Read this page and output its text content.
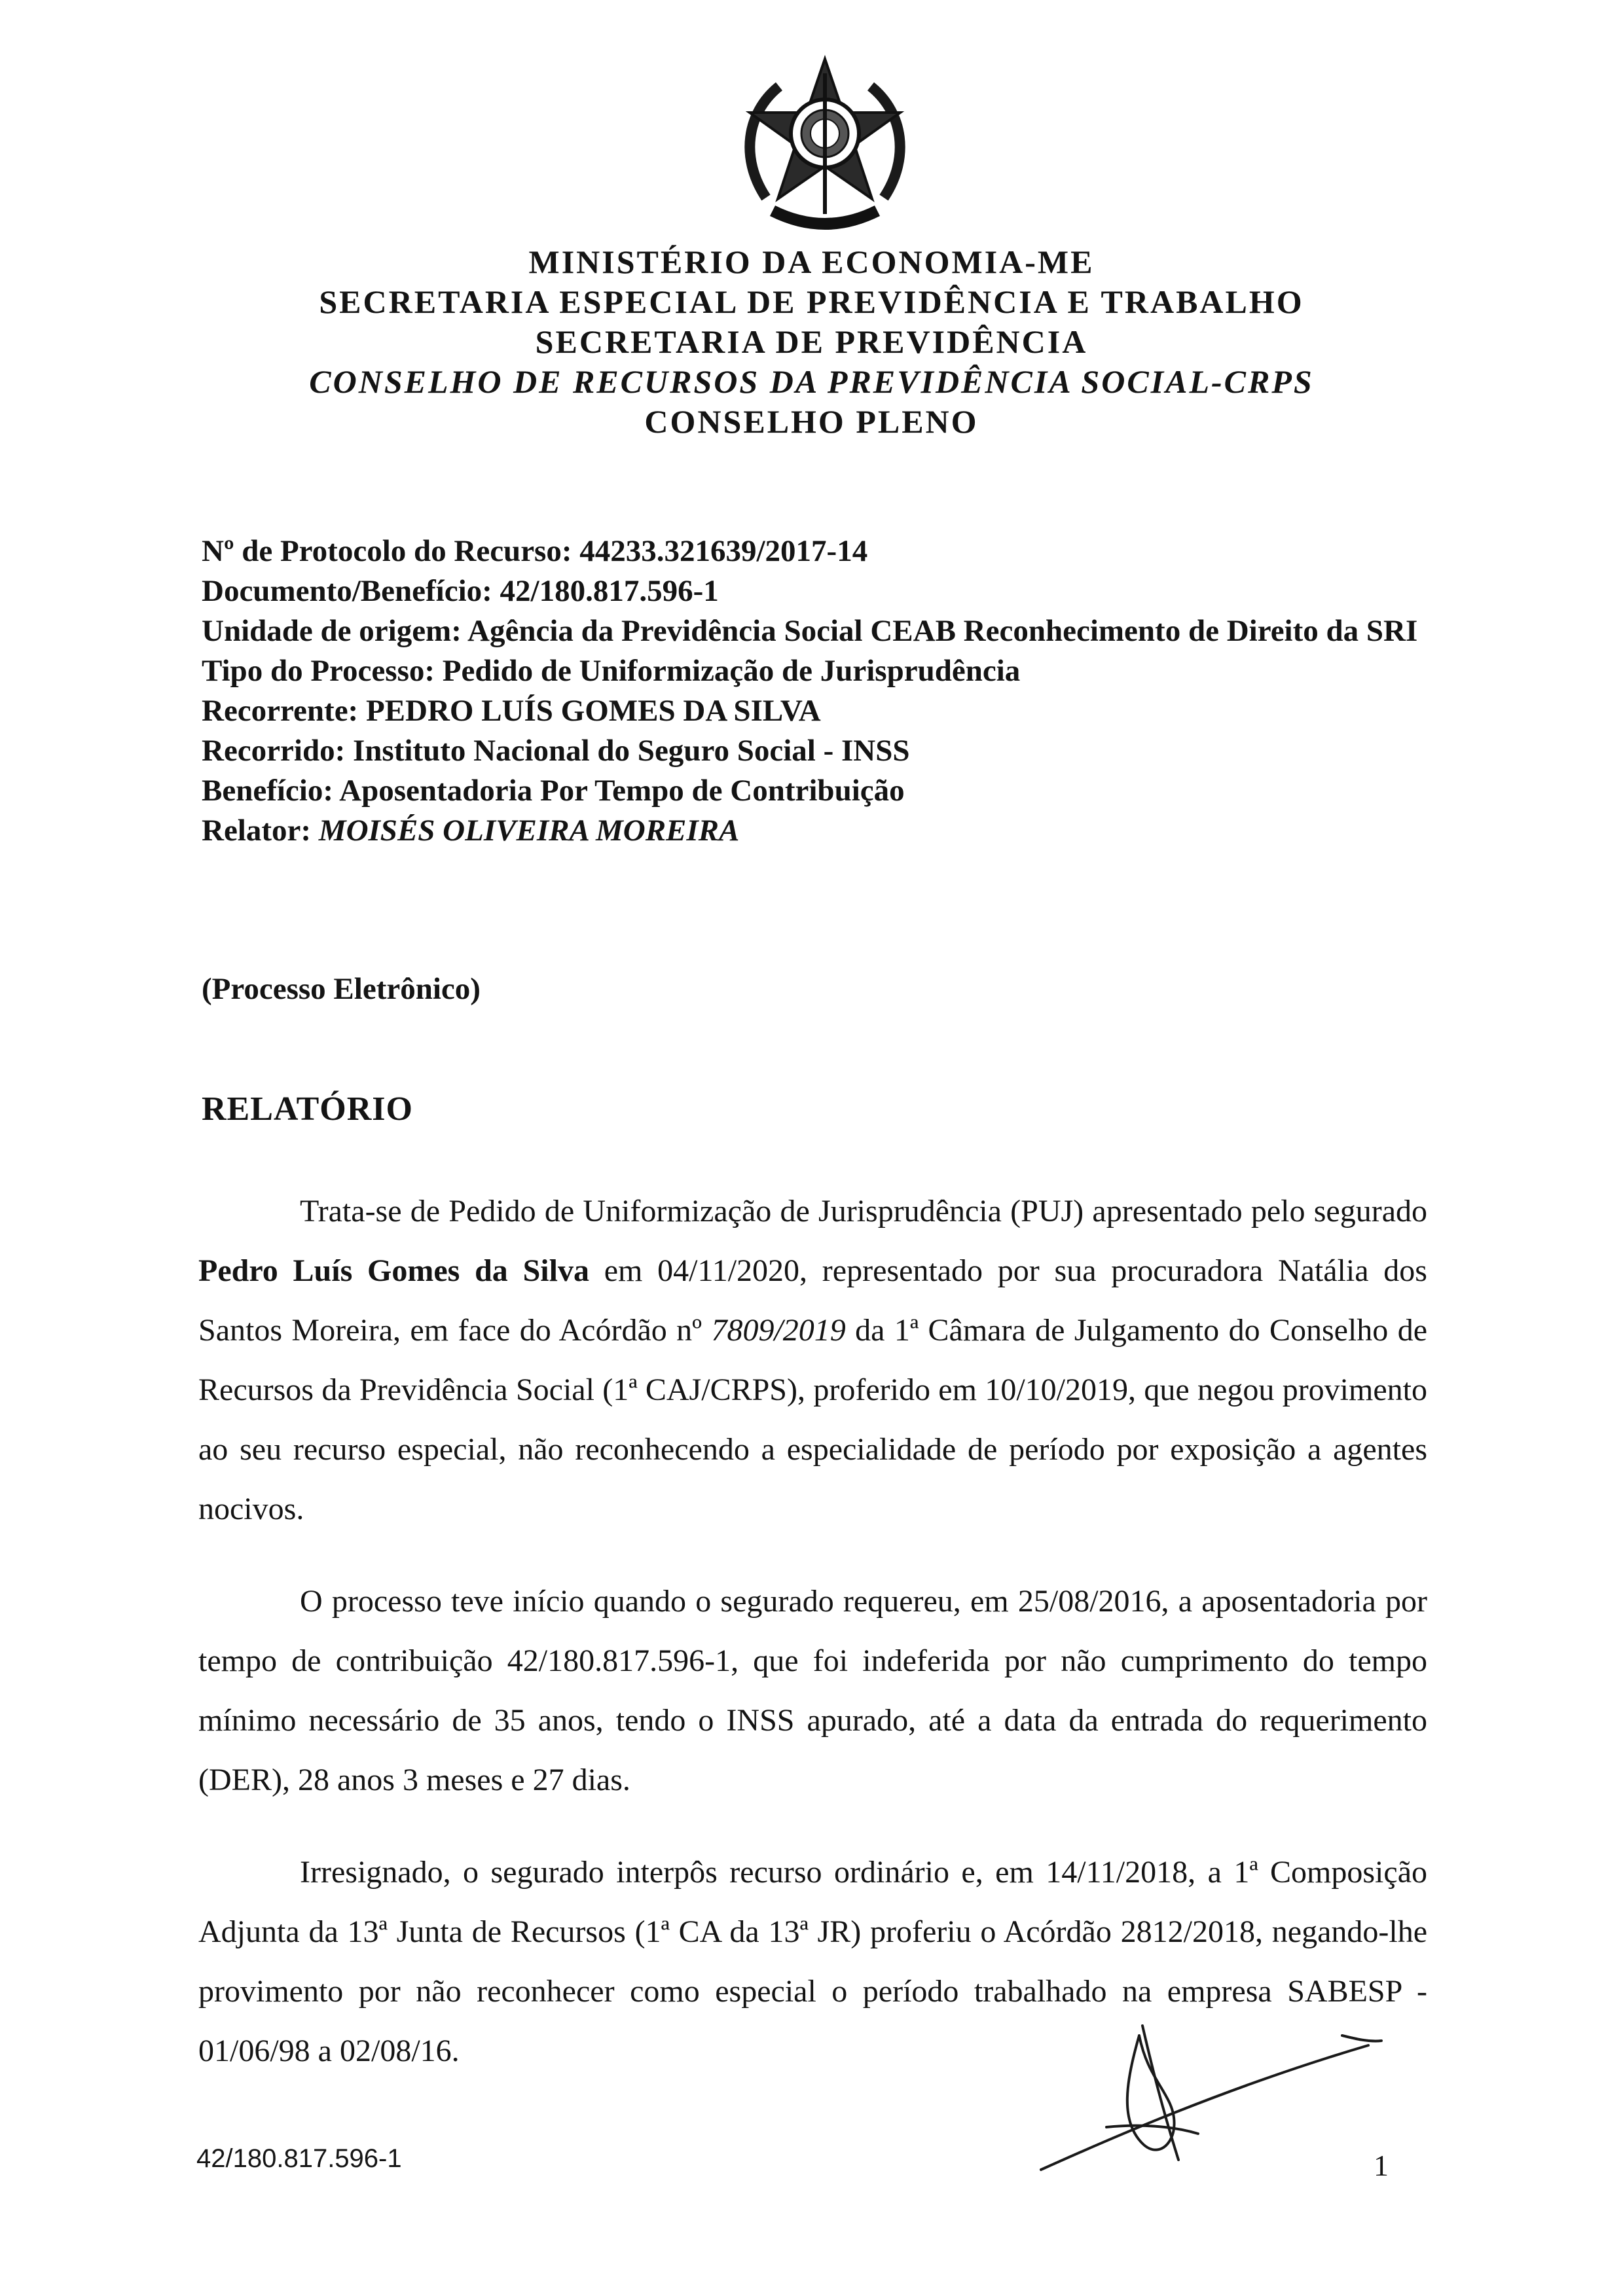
MINISTÉRIO DA ECONOMIA-ME

SECRETARIA ESPECIAL DE PREVIDÊNCIA E TRABALHO

SECRETARIA DE PREVIDÊNCIA

CONSELHO DE RECURSOS DA PREVIDÊNCIA SOCIAL-CRPS

CONSELHO PLENO

Nº de Protocolo do Recurso: 44233.321639/2017-14

Documento/Benefício: 42/180.817.596-1

Unidade de origem: Agência da Previdência Social CEAB Reconhecimento de Direito da SRI

Tipo do Processo: Pedido de Uniformização de Jurisprudência

Recorrente: PEDRO LUÍS GOMES DA SILVA

Recorrido: Instituto Nacional do Seguro Social - INSS

Benefício: Aposentadoria Por Tempo de Contribuição

Relator: MOISÉS OLIVEIRA MOREIRA

(Processo Eletrônico)

RELATÓRIO

Trata-se de Pedido de Uniformização de Jurisprudência (PUJ) apresentado pelo segurado Pedro Luís Gomes da Silva em 04/11/2020, representado por sua procuradora Natália dos Santos Moreira, em face do Acórdão nº 7809/2019 da 1ª Câmara de Julgamento do Conselho de Recursos da Previdência Social (1ª CAJ/CRPS), proferido em 10/10/2019, que negou provimento ao seu recurso especial, não reconhecendo a especialidade de período por exposição a agentes nocivos.

O processo teve início quando o segurado requereu, em 25/08/2016, a aposentadoria por tempo de contribuição 42/180.817.596-1, que foi indeferida por não cumprimento do tempo mínimo necessário de 35 anos, tendo o INSS apurado, até a data da entrada do requerimento (DER), 28 anos 3 meses e 27 dias.

Irresignado, o segurado interpôs recurso ordinário e, em 14/11/2018, a 1ª Composição Adjunta da 13ª Junta de Recursos (1ª CA da 13ª JR) proferiu o Acórdão 2812/2018, negando-lhe provimento por não reconhecer como especial o período trabalhado na empresa SABESP - 01/06/98 a 02/08/16.

42/180.817.596-1	1
